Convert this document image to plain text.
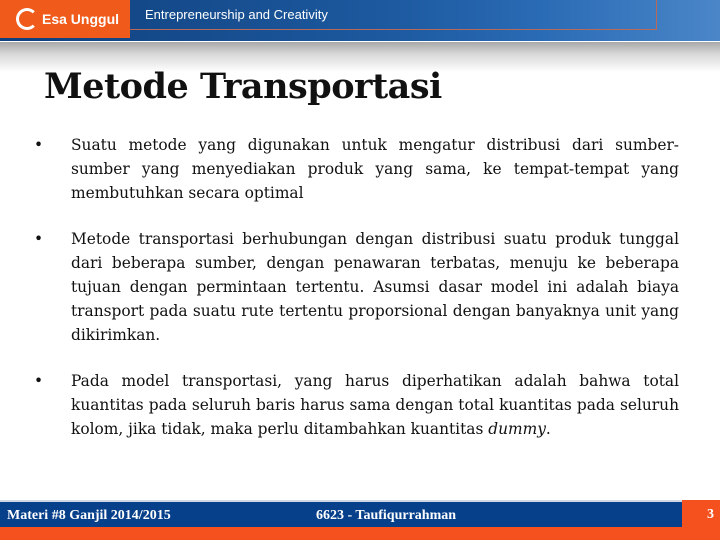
Esa Unggul Entrepreneurship and Creativity
Metode Transportasi
•	Suatu metode yang digunakan untuk mengatur distribusi dari sumber-sumber yang menyediakan produk yang sama, ke tempat-tempat yang membutuhkan secara optimal
•	Metode transportasi berhubungan dengan distribusi suatu produk tunggal dari beberapa sumber, dengan penawaran terbatas, menuju ke beberapa tujuan dengan permintaan tertentu. Asumsi dasar model ini adalah biaya transport pada suatu rute tertentu proporsional dengan banyaknya unit yang dikirimkan.
•	Pada model transportasi, yang harus diperhatikan adalah bahwa total kuantitas pada seluruh baris harus sama dengan total kuantitas pada seluruh kolom, jika tidak, maka perlu ditambahkan kuantitas dummy.
Materi #8 Ganjil 2014/2015	6623 - Taufiqurrahman	3
